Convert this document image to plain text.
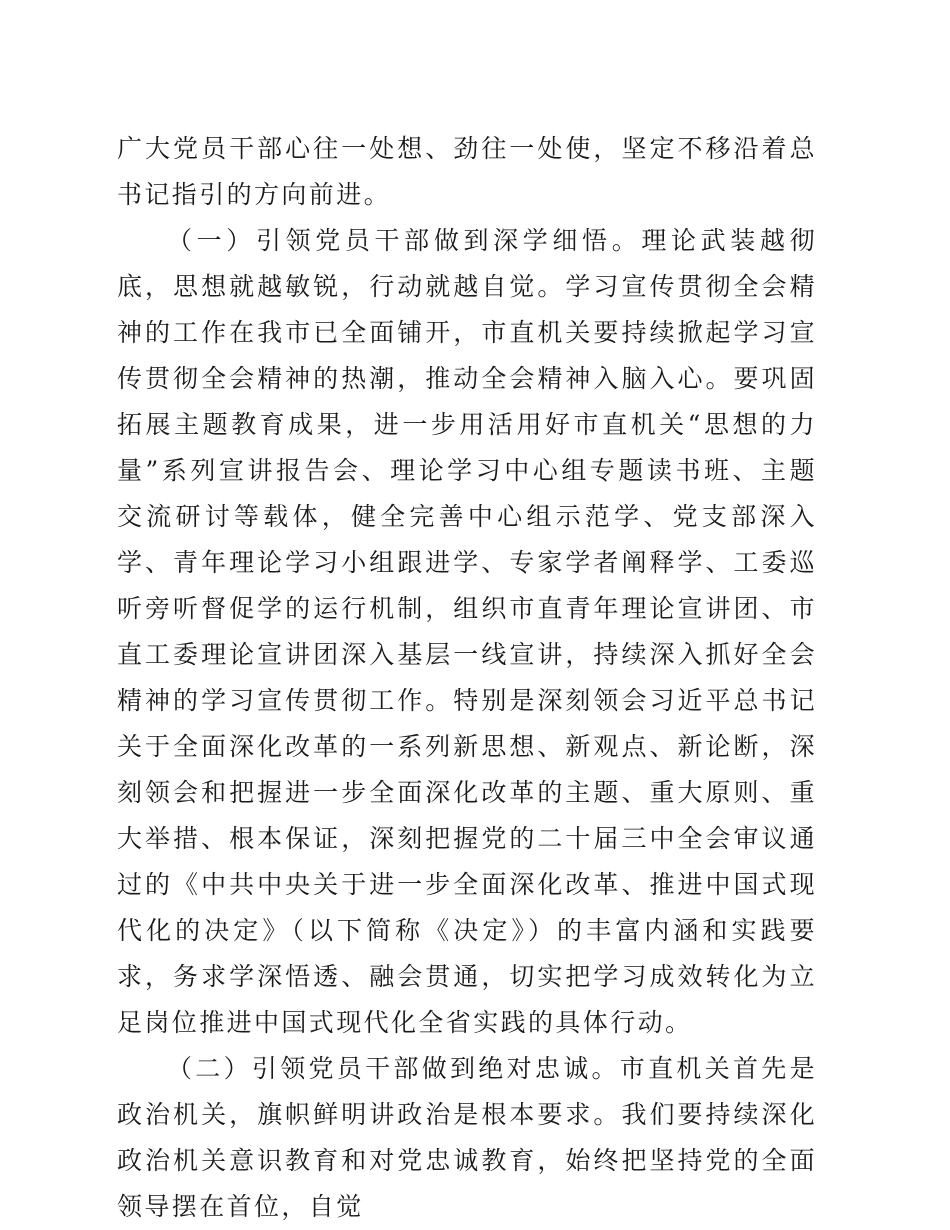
广大党员干部心往一处想、劲往一处使，坚定不移沿着总书记指引的方向前进。

（一）引领党员干部做到深学细悟。理论武装越彻底，思想就越敏锐，行动就越自觉。学习宣传贯彻全会精神的工作在我市已全面铺开，市直机关要持续掀起学习宣传贯彻全会精神的热潮，推动全会精神入脑入心。要巩固拓展主题教育成果，进一步用活用好市直机关“思想的力量”系列宣讲报告会、理论学习中心组专题读书班、主题交流研讨等载体，健全完善中心组示范学、党支部深入学、青年理论学习小组跟进学、专家学者阐释学、工委巡听旁听督促学的运行机制，组织市直青年理论宣讲团、市直工委理论宣讲团深入基层一线宣讲，持续深入抓好全会精神的学习宣传贯彻工作。特别是深刻领会习近平总书记关于全面深化改革的一系列新思想、新观点、新论断，深刻领会和把握进一步全面深化改革的主题、重大原则、重大举措、根本保证，深刻把握党的二十届三中全会审议通过的《中共中央关于进一步全面深化改革、推进中国式现代化的决定》（以下简称《决定》）的丰富内涵和实践要求，务求学深悟透、融会贯通，切实把学习成效转化为立足岗位推进中国式现代化全省实践的具体行动。

（二）引领党员干部做到绝对忠诚。市直机关首先是政治机关，旗帜鲜明讲政治是根本要求。我们要持续深化政治机关意识教育和对党忠诚教育，始终把坚持党的全面领导摆在首位，自觉
